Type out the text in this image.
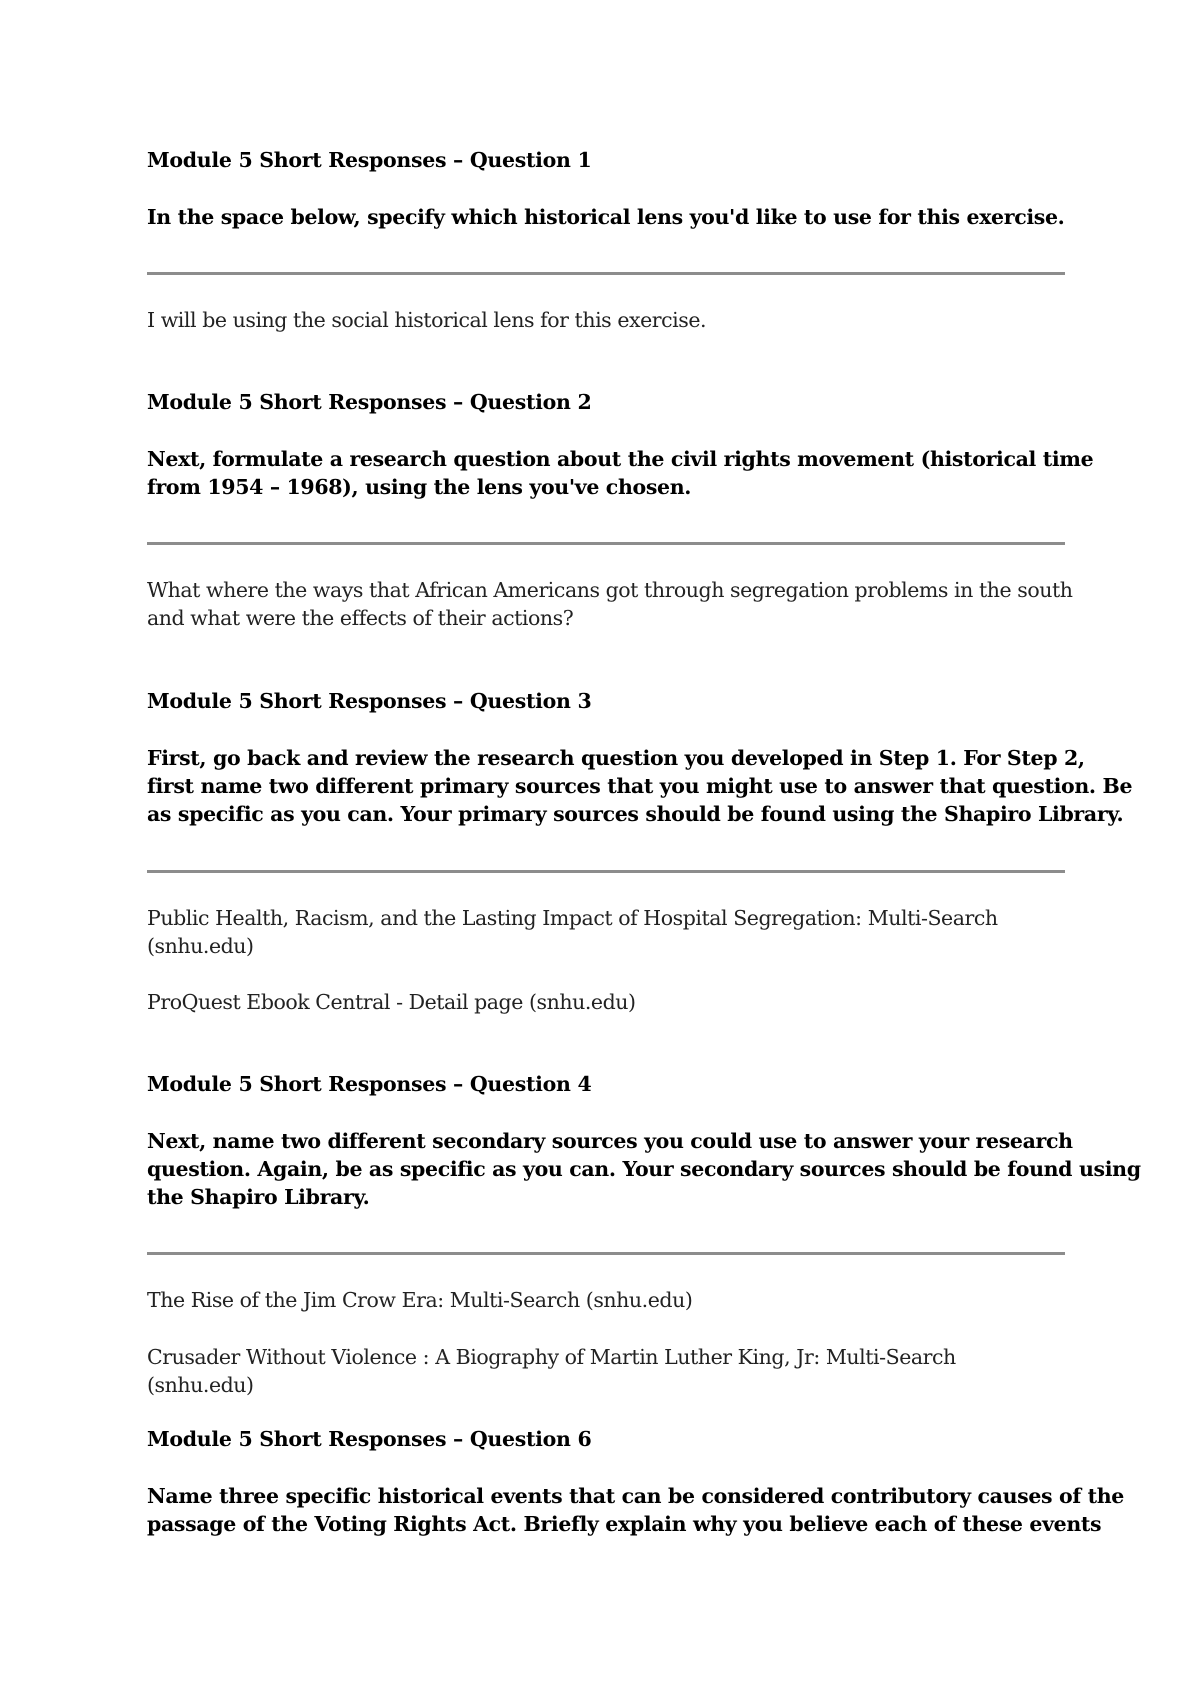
Module 5 Short Responses – Question 1

In the space below, specify which historical lens you'd like to use for this exercise.

I will be using the social historical lens for this exercise.

Module 5 Short Responses – Question 2

Next, formulate a research question about the civil rights movement (historical time
from 1954 – 1968), using the lens you've chosen.

What where the ways that African Americans got through segregation problems in the south
and what were the effects of their actions?

Module 5 Short Responses – Question 3

First, go back and review the research question you developed in Step 1. For Step 2,
first name two different primary sources that you might use to answer that question. Be
as specific as you can. Your primary sources should be found using the Shapiro Library.

Public Health, Racism, and the Lasting Impact of Hospital Segregation: Multi-Search
(snhu.edu)

ProQuest Ebook Central - Detail page (snhu.edu)

Module 5 Short Responses – Question 4

Next, name two different secondary sources you could use to answer your research
question. Again, be as specific as you can. Your secondary sources should be found using
the Shapiro Library.

The Rise of the Jim Crow Era: Multi-Search (snhu.edu)

Crusader Without Violence : A Biography of Martin Luther King, Jr: Multi-Search (snhu.edu)

Module 5 Short Responses – Question 6

Name three specific historical events that can be considered contributory causes of the
passage of the Voting Rights Act. Briefly explain why you believe each of these events
